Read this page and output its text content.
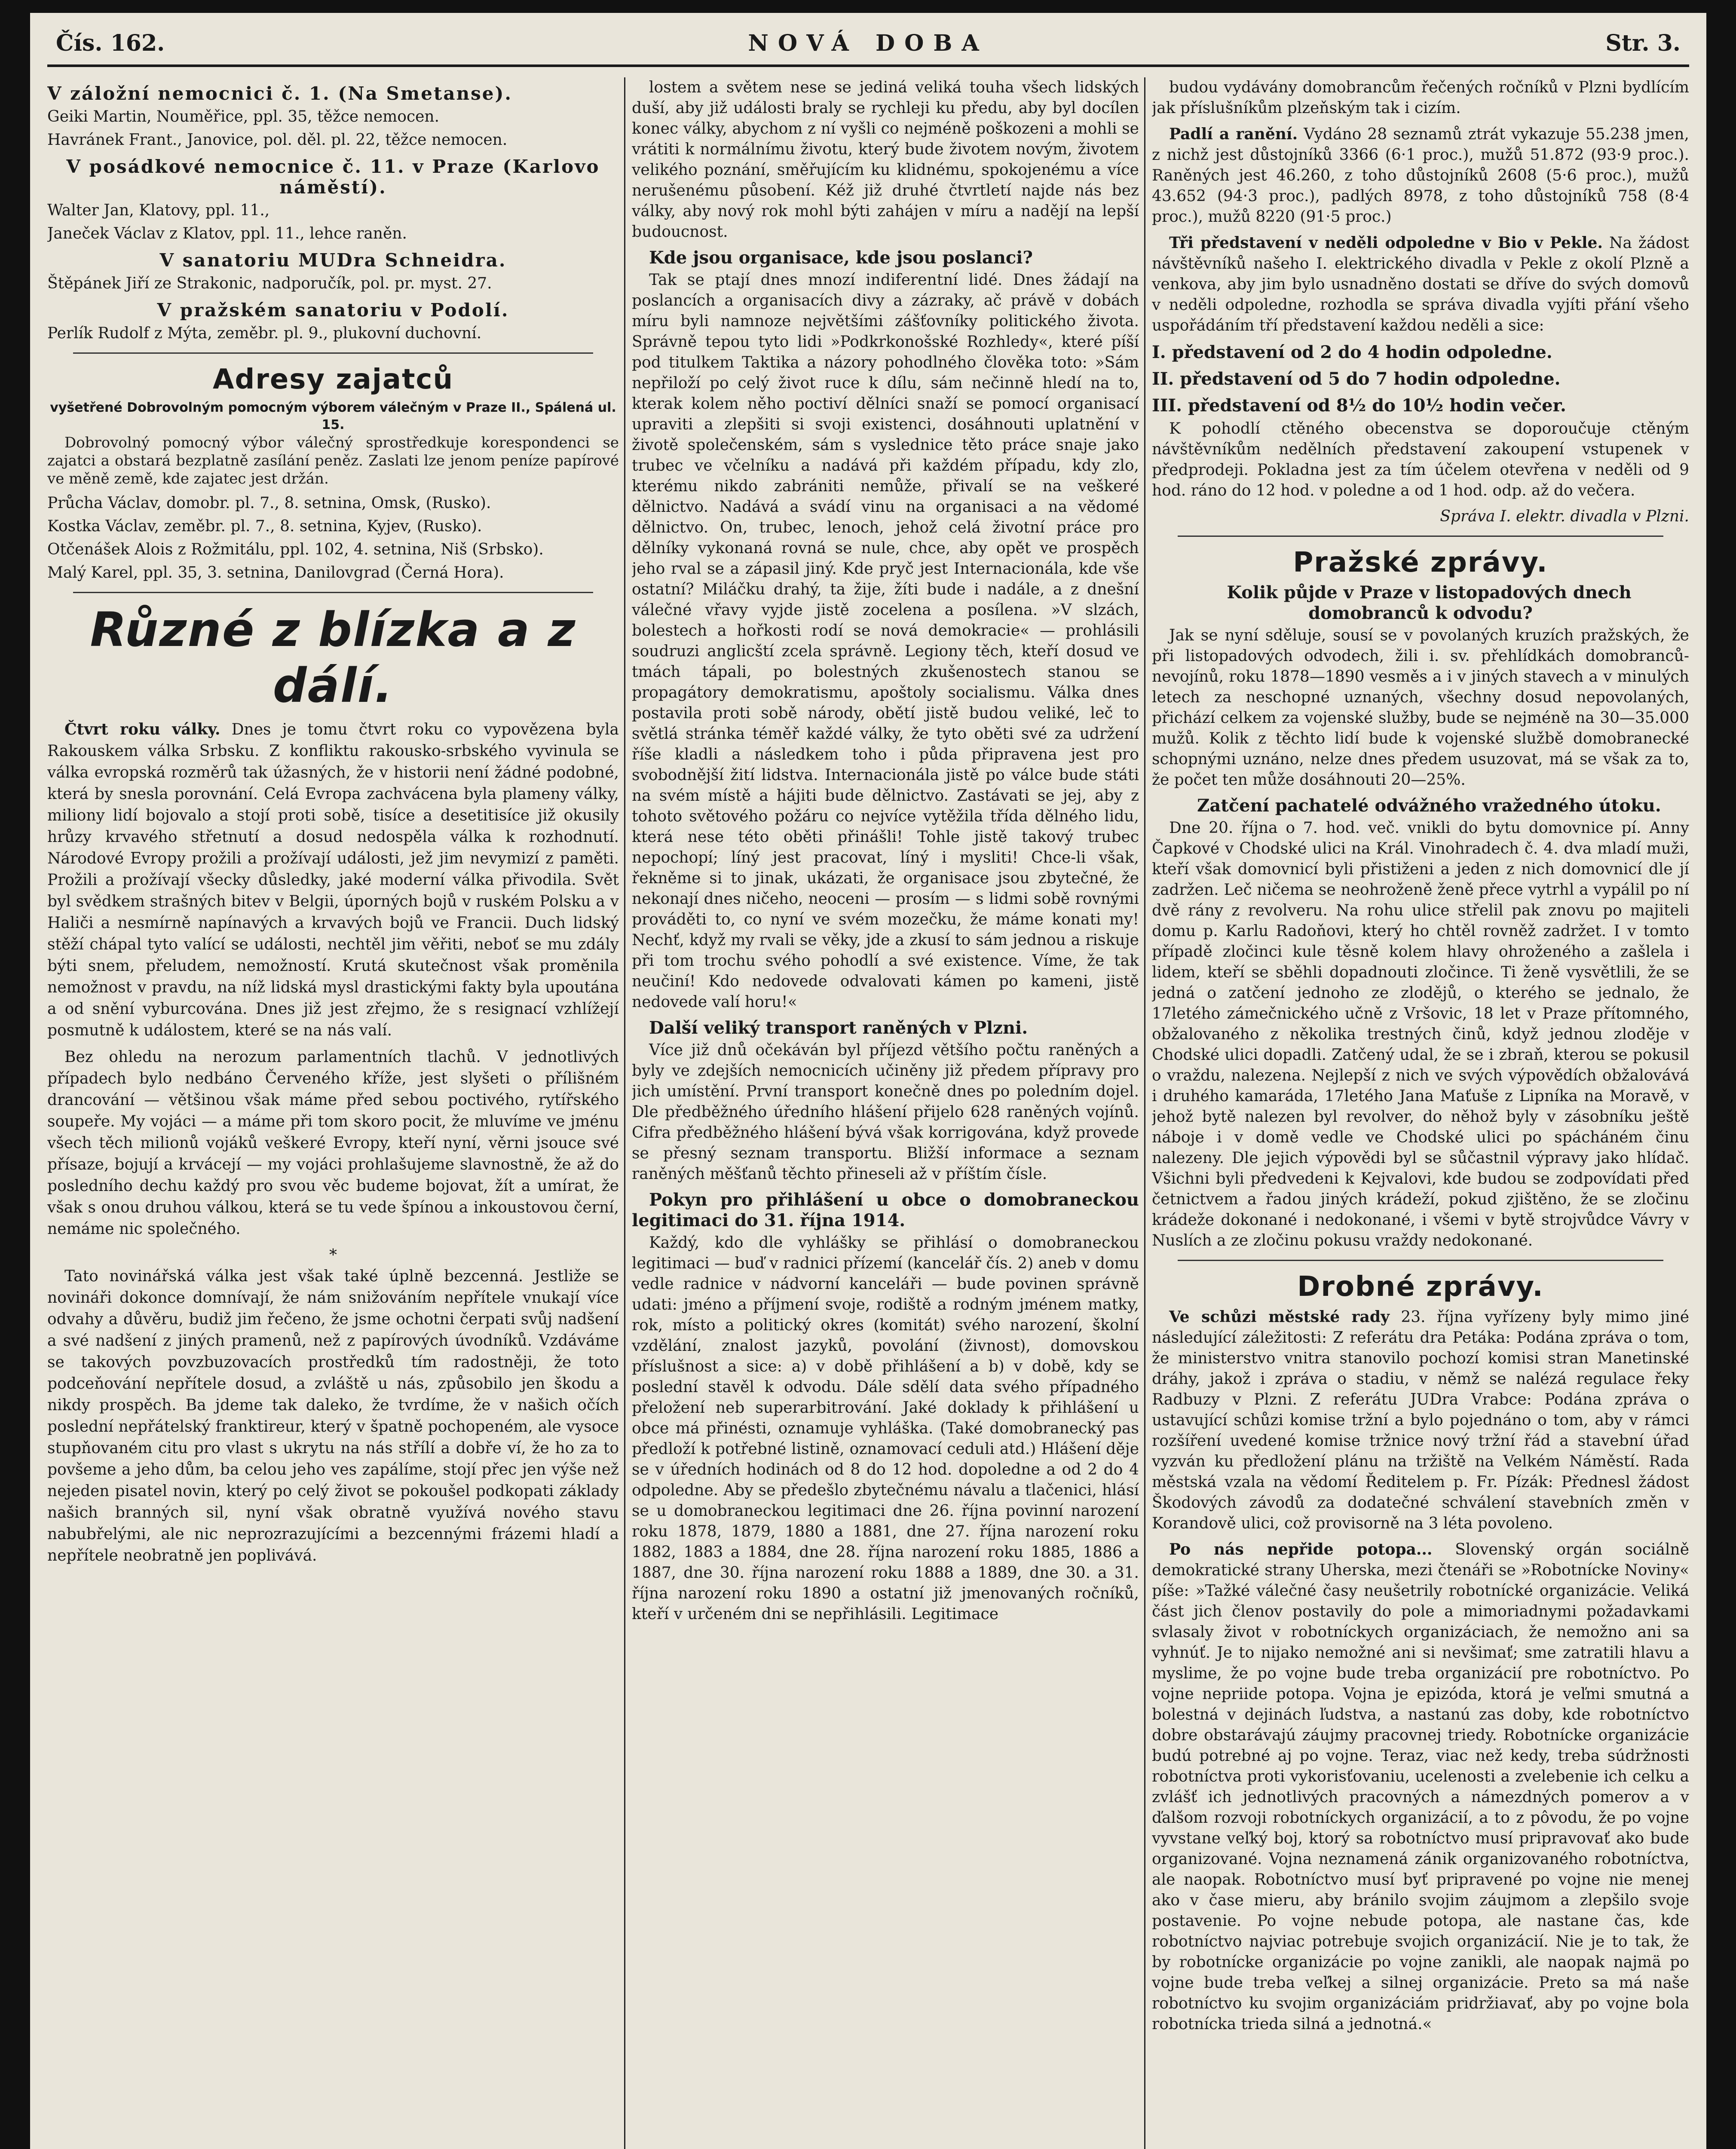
Čís. 162.	NOVÁ DOBA	Str. 3.
V záložní nemocnici č. 1. (Na Smetanse).
Geiki Martin, Nouměřice, ppl. 35, těžce nemocen.
Havránek Frant., Janovice, pol. děl. pl. 22, těžce nemocen.
V posádkové nemocnice č. 11. v Praze (Karlovo náměstí).
Walter Jan, Klatovy, ppl. 11.,
Janeček Václav z Klatov, ppl. 11., lehce raněn.
V sanatoriu MUDra Schneidra.
Štěpánek Jiří ze Strakonic, nadporučík, pol. pr. myst. 27.
V pražském sanatoriu v Podolí.
Perlík Rudolf z Mýta, zeměbr. pl. 9., plukovní duchovní.
Adresy zajatců
vyšetřené Dobrovolným pomocným výborem válečným v Praze II., Spálená ul. 15.

Dobrovolný pomocný výbor válečný sprostředkuje korespondenci se zajatci a obstará bezplatně zasílání peněz. Zaslati lze jenom peníze papírové ve měně země, kde zajatec jest držán.

Průcha Václav, domobr. pl. 7., 8. setnina, Omsk, (Rusko).
Kostka Václav, zeměbr. pl. 7., 8. setnina, Kyjev, (Rusko).
Otčenášek Alois z Rožmitálu, ppl. 102, 4. setnina, Niš (Srbsko).
Malý Karel, ppl. 35, 3. setnina, Danilovgrad (Černá Hora).
Různé z blízka a z dálí.

Čtvrt roku války. Dnes je tomu čtvrt roku co vypovězena byla Rakouskem válka Srbsku. Z konfliktu rakousko-srbského vyvinula se válka evropská rozměrů tak úžasných, že v historii není žádné podobné, která by snesla porovnání. Celá Evropa zachvácena byla plameny války, miliony lidí bojovalo a stojí proti sobě, tisíce a desetitisíce již okusily hrůzy krvavého střetnutí a dosud nedospěla válka k rozhodnutí. Národové Evropy prožili a prožívají události, jež jim nevymizí z paměti. Prožili a prožívají všecky důsledky, jaké moderní válka přivodila. Svět byl svědkem strašných bitev v Belgii, úporných bojů v ruském Polsku a v Haliči a nesmírně napínavých a krvavých bojů ve Francii. Duch lidský stěží chápal tyto valící se události, nechtěl jim věřiti, neboť se mu zdály býti snem, přeludem, nemožností. Krutá skutečnost však proměnila nemožnost v pravdu, na níž lidská mysl drastickými fakty byla upoutána a od snění vyburcována. Dnes již jest zřejmo, že s resignací vzhlížejí posmutně k událostem, které se na nás valí.

Bez ohledu na nerozum parlamentních tlachů. V jednotlivých případech bylo nedbáno Červeného kříže, jest slyšeti o přílišném drancování — většinou však máme před sebou poctivého, rytířského soupeře. My vojáci — a máme při tom skoro pocit, že mluvíme ve jménu všech těch milionů vojáků veškeré Evropy, kteří nyní, věrni jsouce své přísaze, bojují a krvácejí — my vojáci prohlašujeme slavnostně, že až do posledního dechu každý pro svou věc budeme bojovat, žít a umírat, že však s onou druhou válkou, která se tu vede špínou a inkoustovou černí, nemáme nic společného.

*

Tato novinářská válka jest však také úplně bezcenná. Jestliže se novináři dokonce domnívají, že nám snižováním nepřítele vnukají více odvahy a důvěru, budiž jim řečeno, že jsme ochotni čerpati svůj nadšení a své nadšení z jiných pramenů, než z papírových úvodníků. Vzdáváme se takových povzbuzovacích prostředků tím radostněji, že toto podceňování nepřítele dosud, a zvláště u nás, způsobilo jen škodu a nikdy prospěch. Ba jdeme tak daleko, že tvrdíme, že v našich očích poslední nepřátelský franktireur, který v špatně pochopeném, ale vysoce stupňovaném citu pro vlast s ukrytu na nás střílí a dobře ví, že ho za to povšeme a jeho dům, ba celou jeho ves zapálíme, stojí přec jen výše než nejeden pisatel novin, který po celý život se pokoušel podkopati základy našich branných sil, nyní však obratně využívá nového stavu nabubřelými, ale nic neprozrazujícími a bezcennými frázemi hladí a nepřítele neobratně jen poplivává.

lostem a světem nese se jediná veliká touha všech lidských duší, aby již události braly se rychleji ku předu, aby byl docílen konec války, abychom z ní vyšli co nejméně poškozeni a mohli se vrátiti k normálnímu životu, který bude životem novým, životem velikého poznání, směřujícím ku klidnému, spokojenému a více nerušenému působení. Kéž již druhé čtvrtletí najde nás bez války, aby nový rok mohl býti zahájen v míru a nadějí na lepší budoucnost.

Kde jsou organisace, kde jsou poslanci?

Tak se ptají dnes mnozí indiferentní lidé. Dnes žádají na poslancích a organisacích divy a zázraky, ač právě v dobách míru byli namnoze největšími zášťovníky politického života. Správně tepou tyto lidi »Podkrkonošské Rozhledy«, které píší pod titulkem Taktika a názory pohodlného člověka toto: »Sám nepřiloží po celý život ruce k dílu, sám nečinně hledí na to, kterak kolem něho poctiví dělníci snaží se pomocí organisací upraviti a zlepšiti si svoji existenci, dosáhnouti uplatnění v životě společenském, sám s vyslednice těto práce snaje jako trubec ve včelníku a nadává při každém případu, kdy zlo, kterému nikdo zabrániti nemůže, přivalí se na veškeré dělnictvo. Nadává a svádí vinu na organisaci a na vědomé dělnictvo. On, trubec, lenoch, jehož celá životní práce pro dělníky vykonaná rovná se nule, chce, aby opět ve prospěch jeho rval se a zápasil jiný. Kde pryč jest Internacionála, kde vše ostatní? Miláčku drahý, ta žije, žíti bude i nadále, a z dnešní válečné vřavy vyjde jistě zocelena a posílena. »V slzách, bolestech a hořkosti rodí se nová demokracie« — prohlásili soudruzi anglicští zcela správně. Legiony těch, kteří dosud ve tmách tápali, po bolestných zkušenostech stanou se propagátory demokratismu, apoštoly socialismu. Válka dnes postavila proti sobě národy, obětí jistě budou veliké, leč to světlá stránka téměř každé války, že tyto oběti své za udržení říše kladli a následkem toho i půda připravena jest pro svobodnější žití lidstva. Internacionála jistě po válce bude státi na svém místě a hájiti bude dělnictvo. Zastávati se jej, aby z tohoto světového požáru co nejvíce vytěžila třída dělného lidu, která nese této oběti přinášli! Tohle jistě takový trubec nepochopí; líný jest pracovat, líný i mysliti! Chce-li však, řekněme si to jinak, ukázati, že organisace jsou zbytečné, že nekonají dnes ničeho, neoceni — prosím — s lidmi sobě rovnými prováděti to, co nyní ve svém mozečku, že máme konati my! Nechť, když my rvali se věky, jde a zkusí to sám jednou a riskuje při tom trochu svého pohodlí a své existence. Víme, že tak neučiní! Kdo nedovede odvalovati kámen po kameni, jistě nedovede valí horu!«

Další veliký transport raněných v Plzni.

Více již dnů očekáván byl příjezd většího počtu raněných a byly ve zdejších nemocnicích učiněny již předem přípravy pro jich umístění. První transport konečně dnes po poledním dojel. Dle předběžného úředního hlášení přijelo 628 raněných vojínů. Cifra předběžného hlášení bývá však korrigována, když provede se přesný seznam transportu. Bližší informace a seznam raněných měšťanů těchto přineseli až v příštím čísle.

Pokyn pro přihlášení u obce o domobraneckou legitimaci do 31. října 1914.

Každý, kdo dle vyhlášky se přihlásí o domobraneckou legitimaci — buď v radnici přízemí (kancelář čís. 2) aneb v domu vedle radnice v nádvorní kanceláři — bude povinen správně udati: jméno a příjmení svoje, rodiště a rodným jménem matky, rok, místo a politický okres (komitát) svého narození, školní vzdělání, znalost jazyků, povolání (živnost), domovskou příslušnost a sice: a) v době přihlášení a b) v době, kdy se poslední stavěl k odvodu. Dále sdělí data svého případného přeložení neb superarbitrování. Jaké doklady k přihlášení u obce má přinésti, oznamuje vyhláška. (Také domobranecký pas předloží k potřebné listině, oznamovací ceduli atd.) Hlášení děje se v úředních hodinách od 8 do 12 hod. dopoledne a od 2 do 4 odpoledne. Aby se předešlo zbytečnému návalu a tlačenici, hlásí se u domobraneckou legitimaci dne 26. října povinní narození roku 1878, 1879, 1880 a 1881, dne 27. října narození roku 1882, 1883 a 1884, dne 28. října narození roku 1885, 1886 a 1887, dne 30. října narození roku 1888 a 1889, dne 30. a 31. října narození roku 1890 a ostatní již jmenovaných ročníků, kteří v určeném dni se nepřihlásili. Legitimace

budou vydávány domobrancům řečených ročníků v Plzni bydlícím jak příslušníkům plzeňským tak i cizím.

Padlí a ranění. Vydáno 28 seznamů ztrát vykazuje 55.238 jmen, z nichž jest důstojníků 3366 (6·1 proc.), mužů 51.872 (93·9 proc.). Raněných jest 46.260, z toho důstojníků 2608 (5·6 proc.), mužů 43.652 (94·3 proc.), padlých 8978, z toho důstojníků 758 (8·4 proc.), mužů 8220 (91·5 proc.)

Tři představení v neděli odpoledne v Bio v Pekle. Na žádost návštěvníků našeho I. elektrického divadla v Pekle z okolí Plzně a venkova, aby jim bylo usnadněno dostati se dříve do svých domovů v neděli odpoledne, rozhodla se správa divadla vyjíti přání všeho uspořádáním tří představení každou neděli a sice:

I. představení od 2 do 4 hodin odpoledne.
II. představení od 5 do 7 hodin odpoledne.
III. představení od 8½ do 10½ hodin večer.

K pohodlí ctěného obecenstva se doporoučuje ctěným návštěvníkům nedělních představení zakoupení vstupenek v předprodeji. Pokladna jest za tím účelem otevřena v neděli od 9 hod. ráno do 12 hod. v poledne a od 1 hod. odp. až do večera.

Správa I. elektr. divadla v Plzni.
Pražské zprávy.
Kolik půjde v Praze v listopadových dnech domobranců k odvodu?

Jak se nyní sděluje, sousí se v povolaných kruzích pražských, že při listopadových odvodech, žili i. sv. přehlídkách domobranců-nevojínů, roku 1878—1890 vesměs a i v jiných stavech a v minulých letech za neschopné uznaných, všechny dosud nepovolaných, přichází celkem za vojenské služby, bude se nejméně na 30—35.000 mužů. Kolik z těchto lidí bude k vojenské službě domobranecké schopnými uznáno, nelze dnes předem usuzovat, má se však za to, že počet ten může dosáhnouti 20—25%.

Zatčení pachatelé odvážného vražedného útoku.

Dne 20. října o 7. hod. več. vnikli do bytu domovnice pí. Anny Čapkové v Chodské ulici na Král. Vinohradech č. 4. dva mladí muži, kteří však domovnicí byli přistiženi a jeden z nich domovnicí dle jí zadržen. Leč ničema se neohroženě ženě přece vytrhl a vypálil po ní dvě rány z revolveru. Na rohu ulice střelil pak znovu po majiteli domu p. Karlu Radoňovi, který ho chtěl rovněž zadržet. I v tomto případě zločinci kule těsně kolem hlavy ohroženého a zašlela i lidem, kteří se sběhli dopadnouti zločince. Ti ženě vysvětlili, že se jedná o zatčení jednoho ze zlodějů, o kterého se jednalo, že 17letého zámečnického učně z Vršovic, 18 let v Praze přítomného, obžalovaného z několika trestných činů, když jednou zloděje v Chodské ulici dopadli. Zatčený udal, že se i zbraň, kterou se pokusil o vraždu, nalezena. Nejlepší z nich ve svých výpovědích obžalovává i druhého kamaráda, 17letého Jana Maťuše z Lipníka na Moravě, v jehož bytě nalezen byl revolver, do něhož byly v zásobníku ještě náboje i v domě vedle ve Chodské ulici po spácháném činu nalezeny. Dle jejich výpovědi byl se sůčastnil výpravy jako hlídač. Všichni byli předvedeni k Kejvalovi, kde budou se zodpovídati před četnictvem a řadou jiných krádeží, pokud zjištěno, že se zločinu krádeže dokonané i nedokonané, i všemi v bytě strojvůdce Vávry v Nuslích a ze zločinu pokusu vraždy nedokonané.

Drobné zprávy.

Ve schůzi městské rady 23. října vyřízeny byly mimo jiné následující záležitosti: Z referátu dra Petáka: Podána zpráva o tom, že ministerstvo vnitra stanovilo pochozí komisi stran Manetinské dráhy, jakož i zpráva o stadiu, v němž se nalézá regulace řeky Radbuzy v Plzni. Z referátu JUDra Vrabce: Podána zpráva o ustavující schůzi komise tržní a bylo pojednáno o tom, aby v rámci rozšíření uvedené komise tržnice nový tržní řád a stavební úřad vyzván ku předložení plánu na tržiště na Velkém Náměstí. Rada městská vzala na vědomí Ředitelem p. Fr. Pízák: Přednesl žádost Škodových závodů za dodatečné schválení stavebních změn v Korandově ulici, což provisorně na 3 léta povoleno.

Po nás nepřide potopa... Slovenský orgán sociálně demokratické strany Uherska, mezi čtenáři se »Robotnícke Noviny« píše: »Tažké válečné časy neušetrily robotnícké organizácie. Veliká část jich členov postavily do pole a mimoriadnymi požadavkami svlasaly život v robotníckych organizáciach, že nemožno ani sa vyhnúť. Je to nijako nemožné ani si nevšimať; sme zatratili hlavu a myslime, že po vojne bude treba organizácií pre robotníctvo. Po vojne nepriide potopa. Vojna je epizóda, ktorá je veľmi smutná a bolestná v dejinách ľudstva, a nastanú zas doby, kde robotníctvo dobre obstarávajú záujmy pracovnej triedy. Robotnícke organizácie budú potrebné aj po vojne. Teraz, viac než kedy, treba súdržnosti robotníctva proti vykorisťovaniu, ucelenosti a zvelebenie ich celku a zvlášť ich jednotlivých pracovných a námezdných pomerov a v ďalšom rozvoji robotníckych organizácií, a to z pôvodu, že po vojne vyvstane veľký boj, ktorý sa robotníctvo musí pripravovať ako bude organizované. Vojna neznamená zánik organizovaného robotníctva, ale naopak. Robotníctvo musí byť pripravené po vojne nie menej ako v čase mieru, aby bránilo svojim záujmom a zlepšilo svoje postavenie. Po vojne nebude potopa, ale nastane čas, kde robotníctvo najviac potrebuje svojich organizácií. Nie je to tak, že by robotnícke organizácie po vojne zanikli, ale naopak najmä po vojne bude treba veľkej a silnej organizácie. Preto sa má naše robotníctvo ku svojim organizáciám pridržiavať, aby po vojne bola robotnícka trieda silná a jednotná.«
